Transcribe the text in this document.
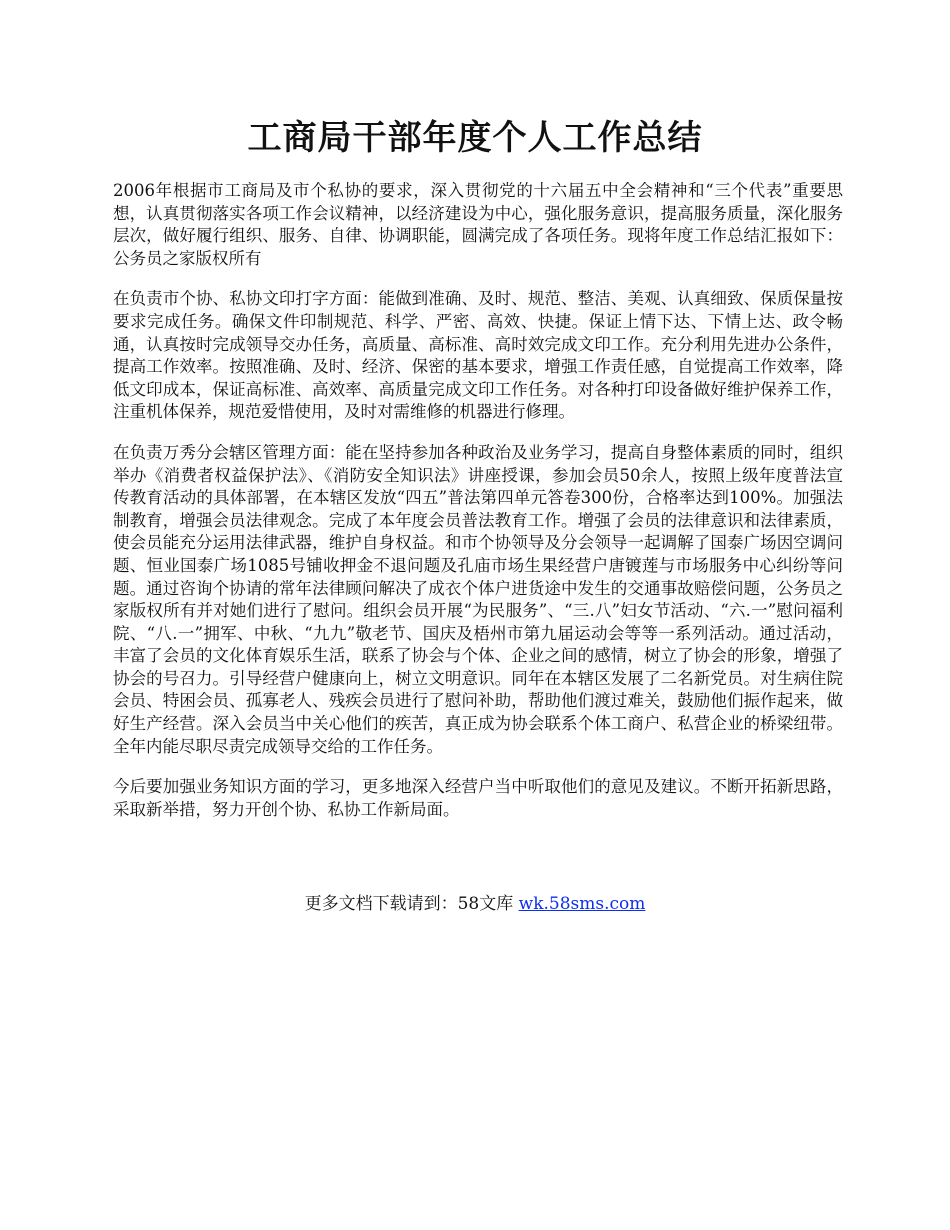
工商局干部年度个人工作总结

2006年根据市工商局及市个私协的要求，深入贯彻党的十六届五中全会精神和“三个代表”重要思想，认真贯彻落实各项工作会议精神，以经济建设为中心，强化服务意识，提高服务质量，深化服务层次，做好履行组织、服务、自律、协调职能，圆满完成了各项任务。现将年度工作总结汇报如下：公务员之家版权所有

在负责市个协、私协文印打字方面：能做到准确、及时、规范、整洁、美观、认真细致、保质保量按要求完成任务。确保文件印制规范、科学、严密、高效、快捷。保证上情下达、下情上达、政令畅通，认真按时完成领导交办任务，高质量、高标准、高时效完成文印工作。充分利用先进办公条件，提高工作效率。按照准确、及时、经济、保密的基本要求，增强工作责任感，自觉提高工作效率，降低文印成本，保证高标准、高效率、高质量完成文印工作任务。对各种打印设备做好维护保养工作，注重机体保养，规范爱惜使用，及时对需维修的机器进行修理。

在负责万秀分会辖区管理方面：能在坚持参加各种政治及业务学习，提高自身整体素质的同时，组织举办《消费者权益保护法》、《消防安全知识法》讲座授课，参加会员50余人，按照上级年度普法宣传教育活动的具体部署，在本辖区发放“四五”普法第四单元答卷300份，合格率达到100%。加强法制教育，增强会员法律观念。完成了本年度会员普法教育工作。增强了会员的法律意识和法律素质，使会员能充分运用法律武器，维护自身权益。和市个协领导及分会领导一起调解了国泰广场因空调问题、恒业国泰广场1085号铺收押金不退问题及孔庙市场生果经营户唐镀莲与市场服务中心纠纷等问题。通过咨询个协请的常年法律顾问解决了成衣个体户进货途中发生的交通事故赔偿问题，公务员之家版权所有并对她们进行了慰问。组织会员开展“为民服务”、“三.八”妇女节活动、“六.一”慰问福利院、“八.一”拥军、中秋、“九九”敬老节、国庆及梧州市第九届运动会等等一系列活动。通过活动，丰富了会员的文化体育娱乐生活，联系了协会与个体、企业之间的感情，树立了协会的形象，增强了协会的号召力。引导经营户健康向上，树立文明意识。同年在本辖区发展了二名新党员。对生病住院会员、特困会员、孤寡老人、残疾会员进行了慰问补助，帮助他们渡过难关，鼓励他们振作起来，做好生产经营。深入会员当中关心他们的疾苦，真正成为协会联系个体工商户、私营企业的桥梁纽带。全年内能尽职尽责完成领导交给的工作任务。

今后要加强业务知识方面的学习，更多地深入经营户当中听取他们的意见及建议。不断开拓新思路，采取新举措，努力开创个协、私协工作新局面。

更多文档下载请到：58文库 wk.58sms.com
